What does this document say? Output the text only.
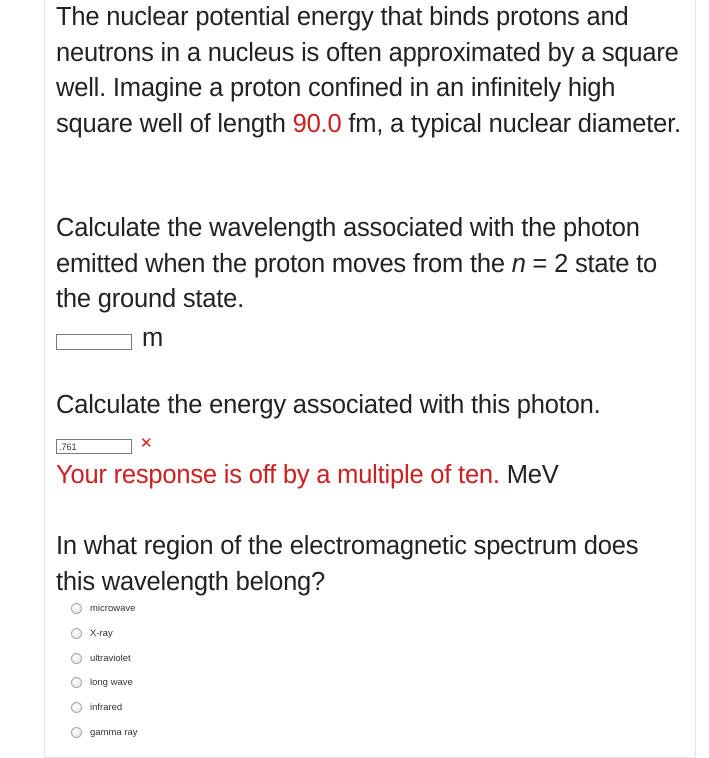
The nuclear potential energy that binds protons and neutrons in a nucleus is often approximated by a square well. Imagine a proton confined in an infinitely high square well of length 90.0 fm, a typical nuclear diameter.

Calculate the wavelength associated with the photon emitted when the proton moves from the n = 2 state to the ground state.

m

Calculate the energy associated with this photon.

.761
✕

Your response is off by a multiple of ten. MeV

In what region of the electromagnetic spectrum does this wavelength belong?

microwave
X-ray
ultraviolet
long wave
infrared
gamma ray
